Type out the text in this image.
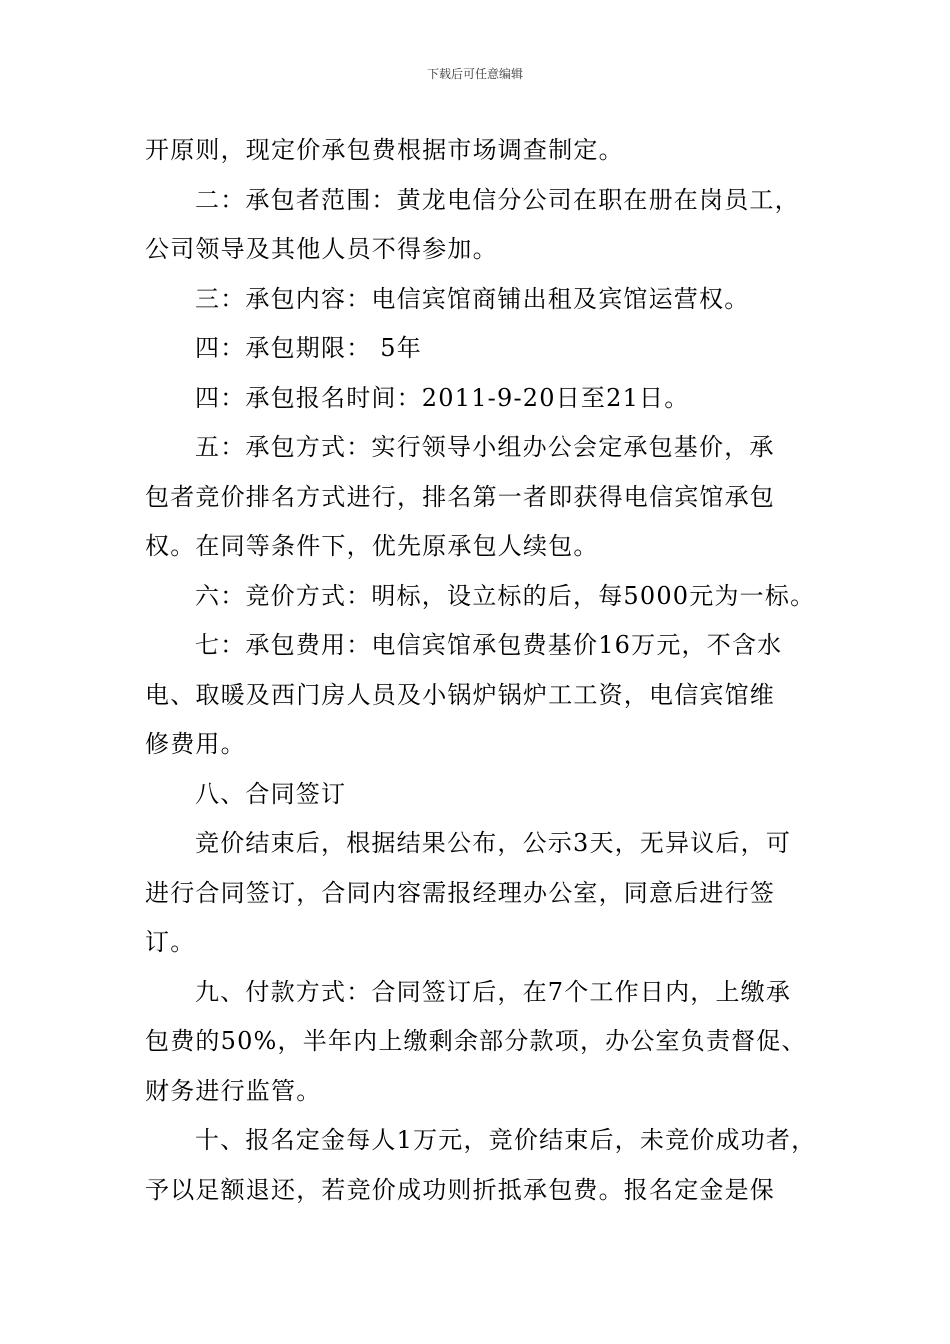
下载后可任意编辑
开原则，现定价承包费根据市场调查制定。
二：承包者范围：黄龙电信分公司在职在册在岗员工，
公司领导及其他人员不得参加。
三：承包内容：电信宾馆商铺出租及宾馆运营权。
四：承包期限： 5年
四：承包报名时间：2011-9-20日至21日。
五：承包方式：实行领导小组办公会定承包基价，承
包者竞价排名方式进行，排名第一者即获得电信宾馆承包
权。在同等条件下，优先原承包人续包。
六：竞价方式：明标，设立标的后，每5000元为一标。
七：承包费用：电信宾馆承包费基价16万元，不含水
电、取暖及西门房人员及小锅炉锅炉工工资，电信宾馆维
修费用。
八、合同签订
竞价结束后，根据结果公布，公示3天，无异议后，可
进行合同签订，合同内容需报经理办公室，同意后进行签
订。
九、付款方式：合同签订后，在7个工作日内，上缴承
包费的50%，半年内上缴剩余部分款项，办公室负责督促、
财务进行监管。
十、报名定金每人1万元，竞价结束后，未竞价成功者，
予以足额退还，若竞价成功则折抵承包费。报名定金是保
